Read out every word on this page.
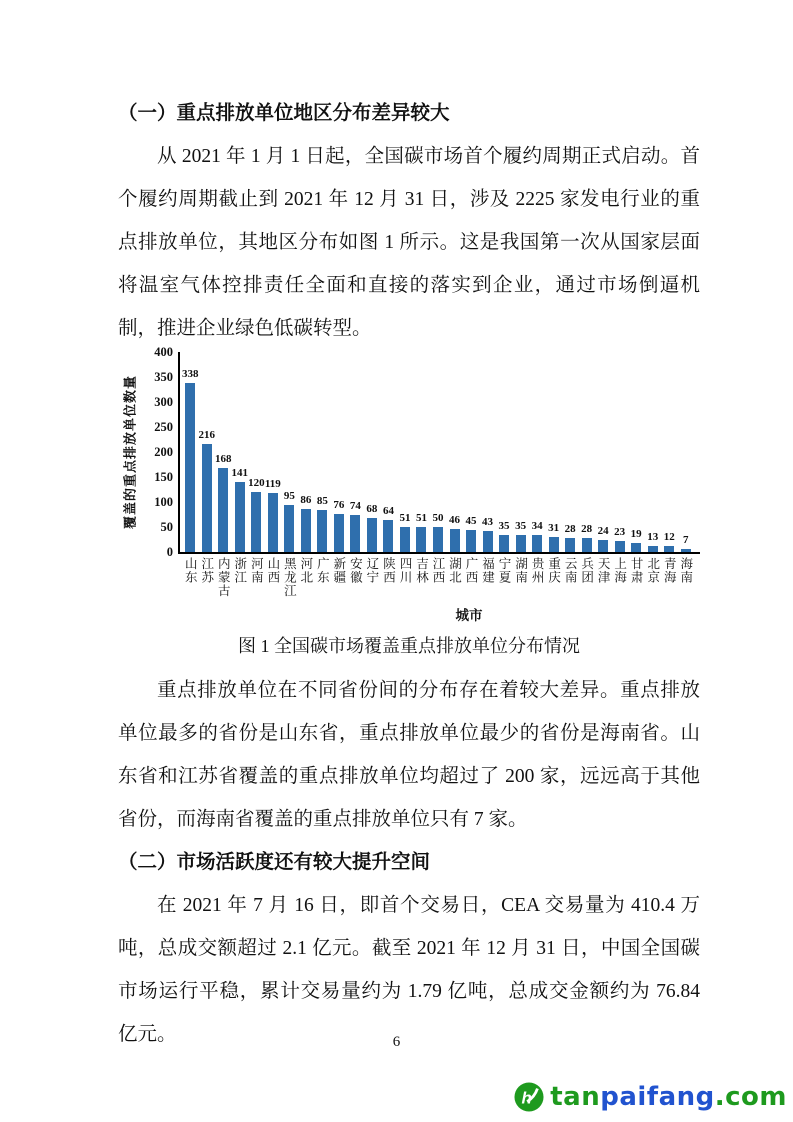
（一）重点排放单位地区分布差异较大

从 2021 年 1 月 1 日起，全国碳市场首个履约周期正式启动。首个履约周期截止到 2021 年 12 月 31 日，涉及 2225 家发电行业的重点排放单位，其地区分布如图 1 所示。这是我国第一次从国家层面将温室气体控排责任全面和直接的落实到企业，通过市场倒逼机制，推进企业绿色低碳转型。

覆盖的重点排放单位数量
0
50
100
150
200
250
300
350
400
338
216
168
141
120 119
95 86 85 76 74 68 64
51 51 50 46 45 43 35 35 34 31 28 28 24 23 19 13 12 7
山东 江苏 内蒙古 浙江 河南 山西 黑龙江 河北 广东 新疆 安徽 辽宁 陕西 四川 吉林 江西 湖北 广西 福建 宁夏 湖南 贵州 重庆 云南 兵团 天津 上海 甘肃 北京 青海 海南
城市
图 1 全国碳市场覆盖重点排放单位分布情况

重点排放单位在不同省份间的分布存在着较大差异。重点排放单位最多的省份是山东省，重点排放单位最少的省份是海南省。山东省和江苏省覆盖的重点排放单位均超过了 200 家，远远高于其他省份，而海南省覆盖的重点排放单位只有 7 家。

（二）市场活跃度还有较大提升空间

在 2021 年 7 月 16 日，即首个交易日，CEA 交易量为 410.4 万吨，总成交额超过 2.1 亿元。截至 2021 年 12 月 31 日，中国全国碳市场运行平稳，累计交易量约为 1.79 亿吨，总成交金额约为 76.84 亿元。	6
h tanpaifang.com
